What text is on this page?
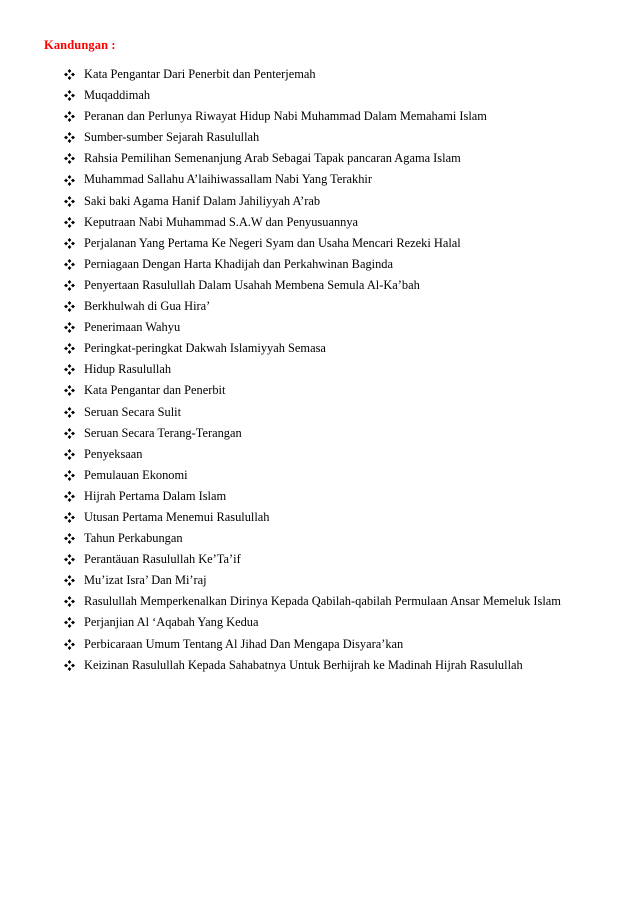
Kandungan :
Kata Pengantar Dari Penerbit dan Penterjemah
Muqaddimah
Peranan dan Perlunya Riwayat Hidup Nabi Muhammad Dalam Memahami Islam
Sumber-sumber Sejarah Rasulullah
Rahsia Pemilihan Semenanjung Arab Sebagai Tapak pancaran Agama Islam
Muhammad Sallahu A’laihiwassallam Nabi Yang Terakhir
Saki baki Agama Hanif Dalam Jahiliyyah A’rab
Keputraan Nabi Muhammad S.A.W dan Penyusuannya
Perjalanan Yang Pertama Ke Negeri Syam dan Usaha Mencari Rezeki Halal
Perniagaan Dengan Harta Khadijah dan Perkahwinan Baginda
Penyertaan Rasulullah Dalam Usahah Membena Semula Al-Ka’bah
Berkhulwah di Gua Hira’
Penerimaan Wahyu
Peringkat-peringkat Dakwah Islamiyyah Semasa
Hidup Rasulullah
Kata Pengantar dan Penerbit
Seruan Secara Sulit
Seruan Secara Terang-Terangan
Penyeksaan
Pemulauan Ekonomi
Hijrah Pertama Dalam Islam
Utusan Pertama Menemui Rasulullah
Tahun Perkabungan
Perantäuan Rasulullah Ke’Ta’if
Mu’izat Isra’ Dan Mi’raj
Rasulullah Memperkenalkan Dirinya Kepada Qabilah-qabilah Permulaan Ansar Memeluk Islam
Perjanjian Al ‘Aqabah Yang Kedua
Perbicaraan Umum Tentang Al Jihad Dan Mengapa Disyara’kan
Keizinan Rasulullah Kepada Sahabatnya Untuk Berhijrah ke Madinah Hijrah Rasulullah
